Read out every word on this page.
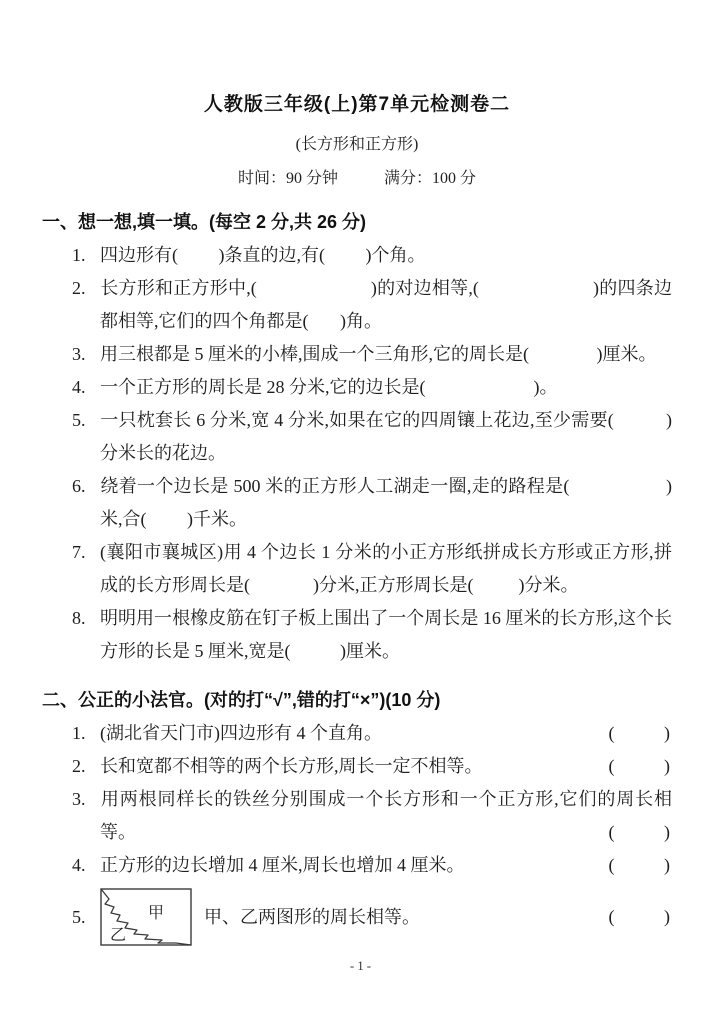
人教版三年级(上)第7单元检测卷二
(长方形和正方形)
时间：90 分钟	满分：100 分
一、想一想,填一填。(每空 2 分,共 26 分)

1. 四边形有(         )条直的边,有(         )个角。

2. 长方形和正方形中,(                        )的对边相等,(                        )的四条边都相等,它们的四个角都是(       )角。

3. 用三根都是 5 厘米的小棒,围成一个三角形,它的周长是(               )厘米。

4. 一个正方形的周长是 28 分米,它的边长是(                        )。

5. 一只枕套长 6 分米,宽 4 分米,如果在它的四周镶上花边,至少需要(           )分米长的花边。

6. 绕着一个边长是 500 米的正方形人工湖走一圈,走的路程是(                    )米,合(         )千米。

7. (襄阳市襄城区)用 4 个边长 1 分米的小正方形纸拼成长方形或正方形,拼成的长方形周长是(              )分米,正方形周长是(          )分米。

8. 明明用一根橡皮筋在钉子板上围出了一个周长是 16 厘米的长方形,这个长方形的长是 5 厘米,宽是(           )厘米。

二、公正的小法官。(对的打“√”,错的打“×”)(10 分)

1. (湖北省天门市)四边形有 4 个直角。	(           )

2. 长和宽都不相等的两个长方形,周长一定不相等。	(           )

3. 用两根同样长的铁丝分别围成一个长方形和一个正方形,它们的周长相等。	(           )

4. 正方形的边长增加 4 厘米,周长也增加 4 厘米。	(           )

5.	甲
乙
甲、乙两图形的周长相等。	(           )
-1-
